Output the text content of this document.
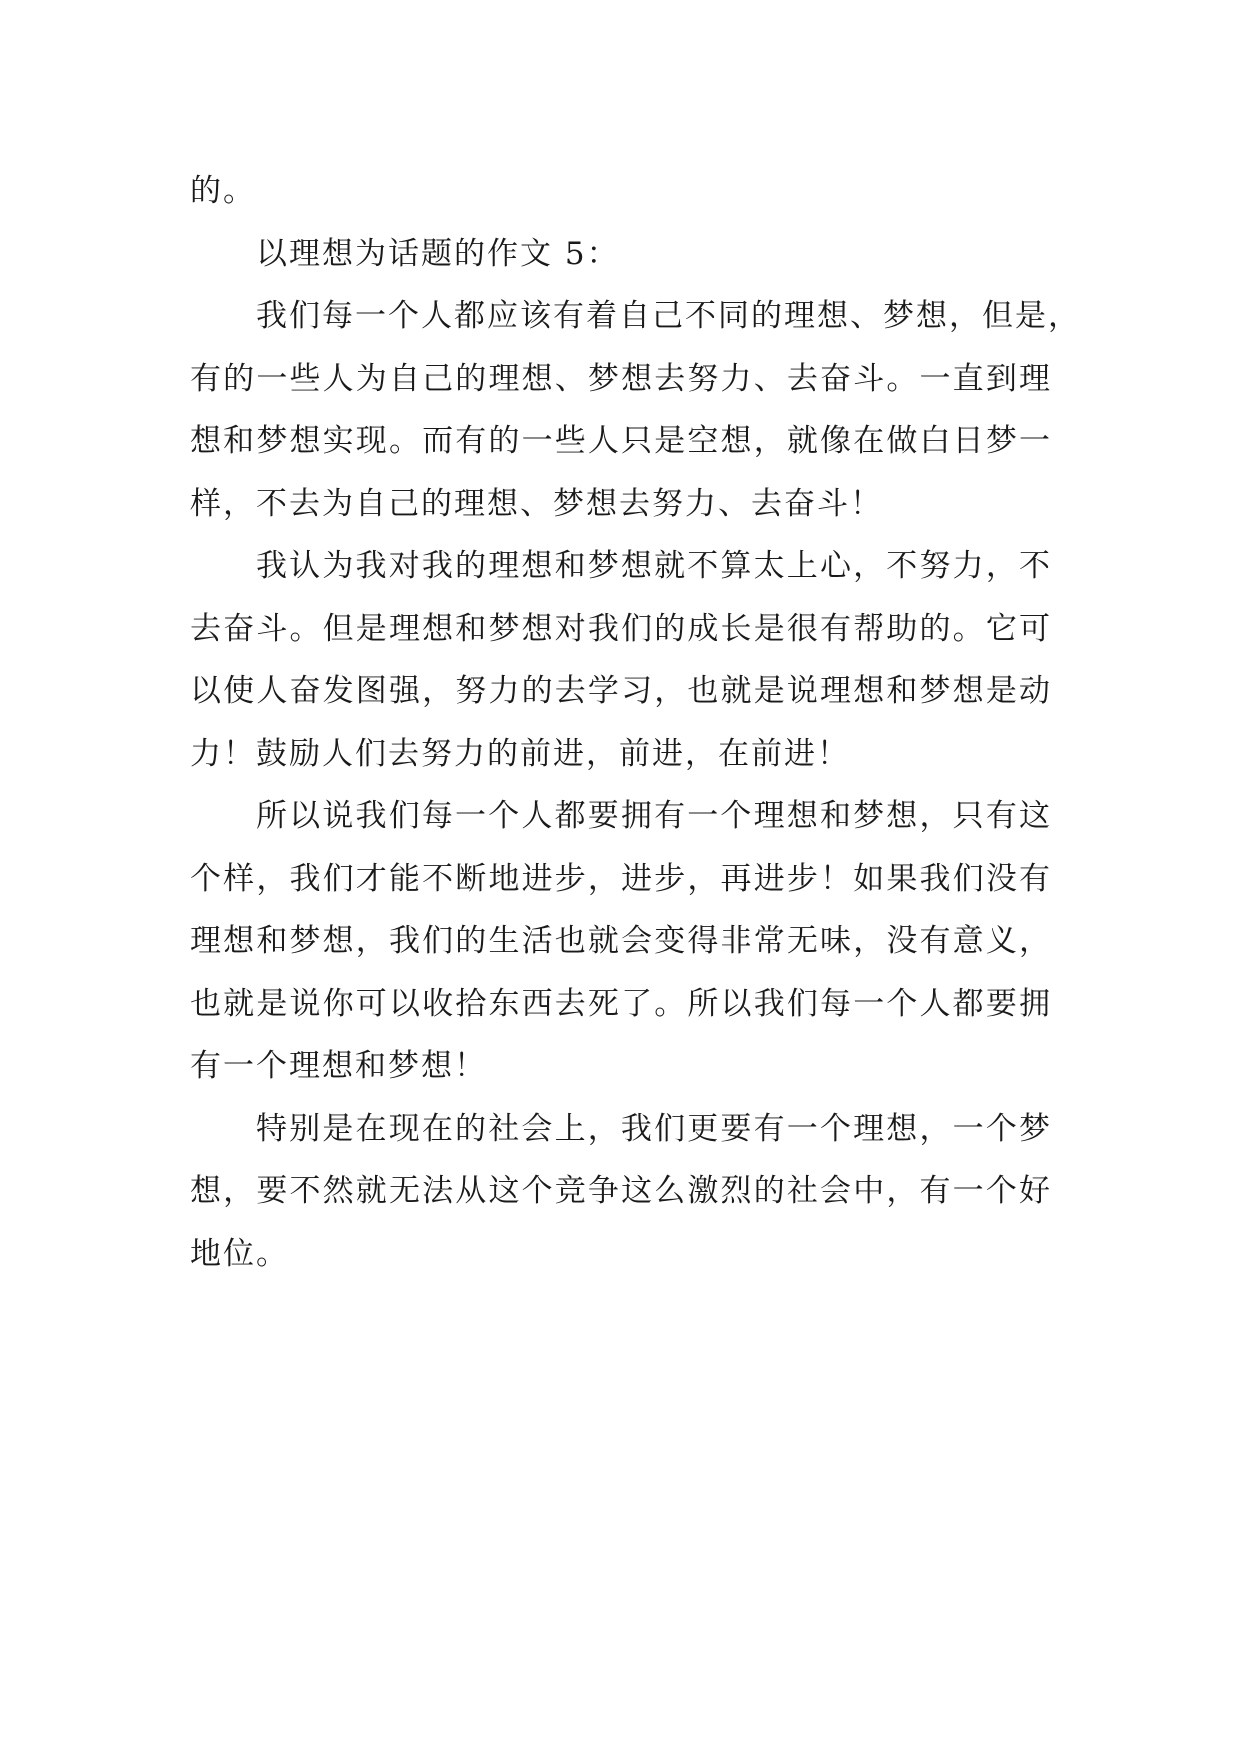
的。
以理想为话题的作文 5：
我们每一个人都应该有着自己不同的理想、梦想，但是，
有的一些人为自己的理想、梦想去努力、去奋斗。一直到理
想和梦想实现。而有的一些人只是空想，就像在做白日梦一
样，不去为自己的理想、梦想去努力、去奋斗！
我认为我对我的理想和梦想就不算太上心，不努力，不
去奋斗。但是理想和梦想对我们的成长是很有帮助的。它可
以使人奋发图强，努力的去学习，也就是说理想和梦想是动
力！鼓励人们去努力的前进，前进，在前进！
所以说我们每一个人都要拥有一个理想和梦想，只有这
个样，我们才能不断地进步，进步，再进步！如果我们没有
理想和梦想，我们的生活也就会变得非常无味，没有意义，
也就是说你可以收拾东西去死了。所以我们每一个人都要拥
有一个理想和梦想！
特别是在现在的社会上，我们更要有一个理想，一个梦
想，要不然就无法从这个竞争这么激烈的社会中，有一个好
地位。
